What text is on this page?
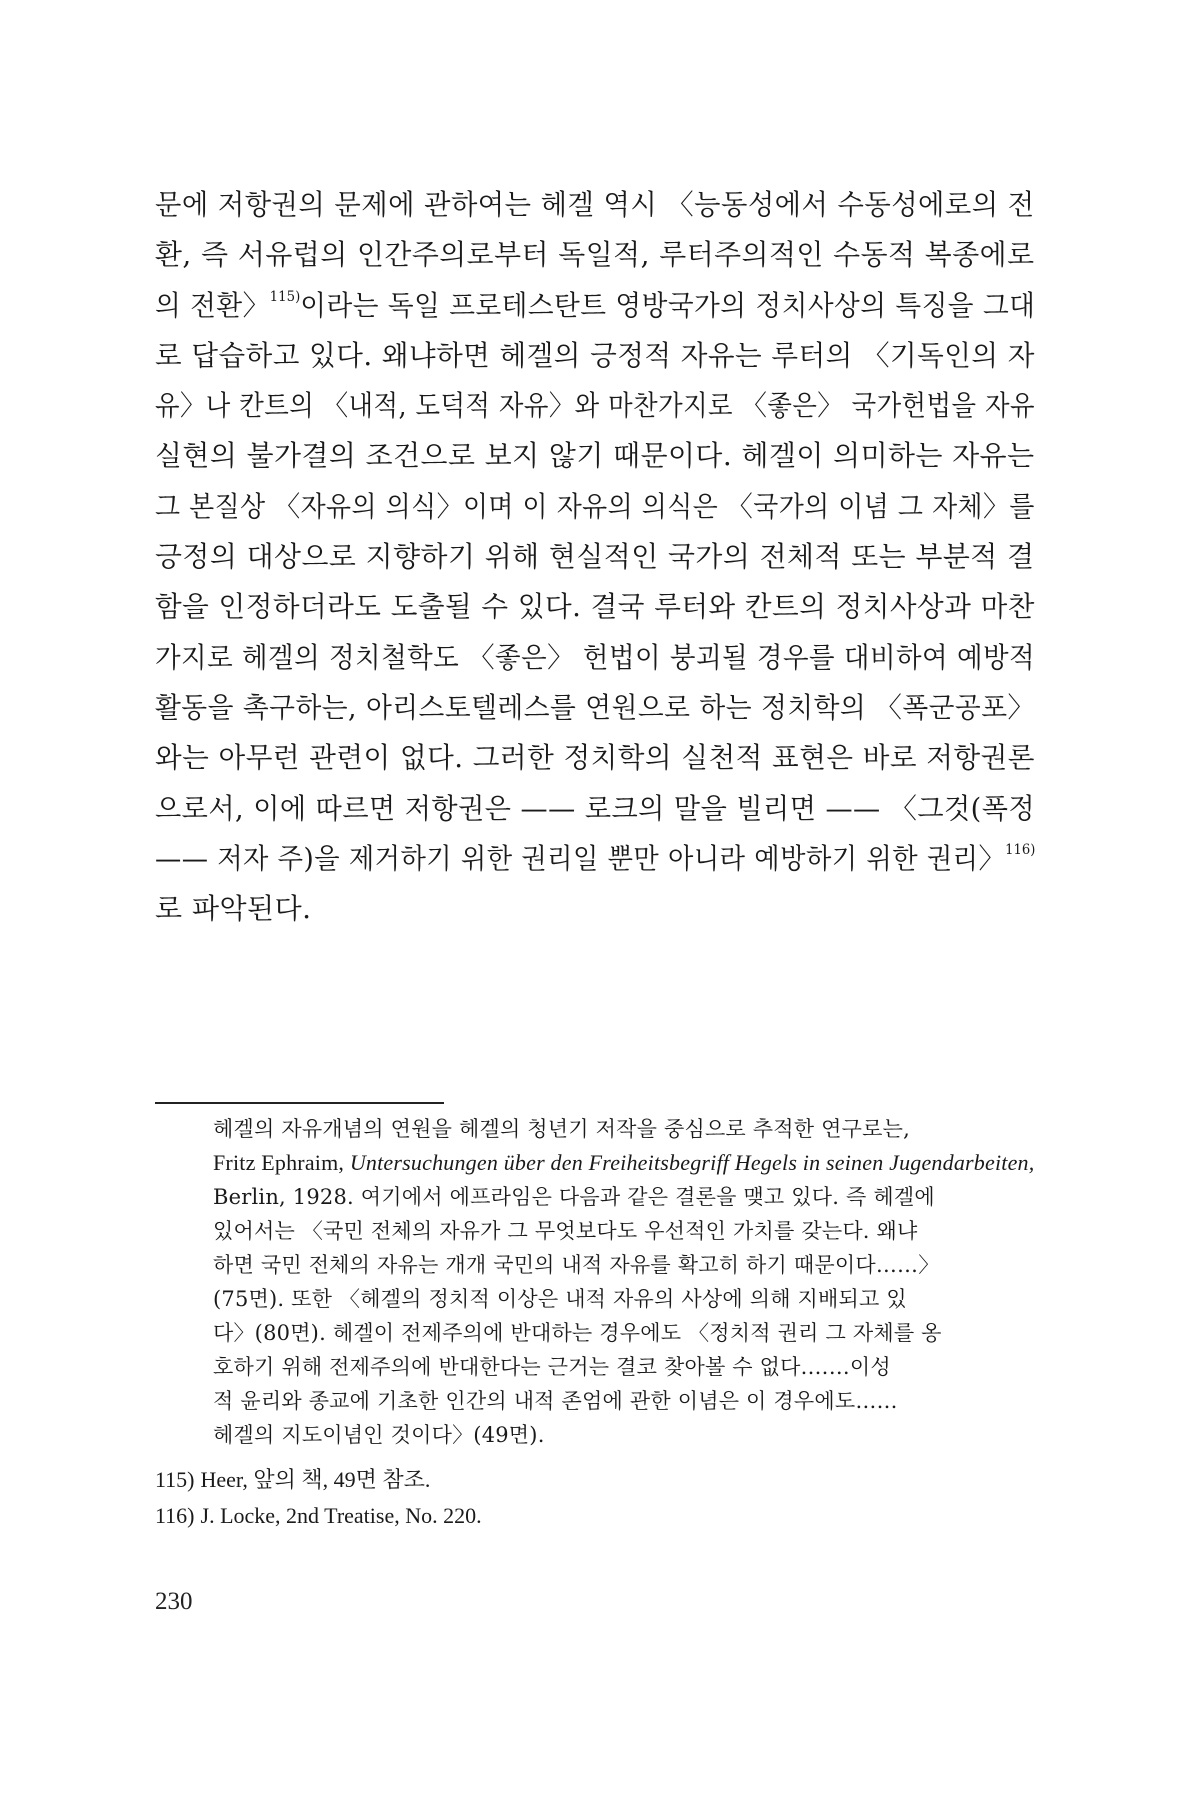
문에 저항권의 문제에 관하여는 헤겔 역시 〈능동성에서 수동성에로의 전
환, 즉 서유럽의 인간주의로부터 독일적, 루터주의적인 수동적 복종에로
의 전환〉$^{115)}$이라는 독일 프로테스탄트 영방국가의 정치사상의 특징을 그대
로 답습하고 있다. 왜냐하면 헤겔의 긍정적 자유는 루터의 〈기독인의 자
유〉나 칸트의 〈내적, 도덕적 자유〉와 마찬가지로 〈좋은〉 국가헌법을 자유
실현의 불가결의 조건으로 보지 않기 때문이다. 헤겔이 의미하는 자유는
그 본질상 〈자유의 의식〉이며 이 자유의 의식은 〈국가의 이념 그 자체〉를
긍정의 대상으로 지향하기 위해 현실적인 국가의 전체적 또는 부분적 결
함을 인정하더라도 도출될 수 있다. 결국 루터와 칸트의 정치사상과 마찬
가지로 헤겔의 정치철학도 〈좋은〉 헌법이 붕괴될 경우를 대비하여 예방적
활동을 촉구하는, 아리스토텔레스를 연원으로 하는 정치학의 〈폭군공포〉
와는 아무런 관련이 없다. 그러한 정치학의 실천적 표현은 바로 저항권론
으로서, 이에 따르면 저항권은 —— 로크의 말을 빌리면 —— 〈그것(폭정
—— 저자 주)을 제거하기 위한 권리일 뿐만 아니라 예방하기 위한 권리〉$^{116)}$
로 파악된다.
헤겔의 자유개념의 연원을 헤겔의 청년기 저작을 중심으로 추적한 연구로는,
Fritz Ephraim, Untersuchungen über den Freiheitsbegriff Hegels in seinen Jugendarbeiten,
Berlin, 1928. 여기에서 에프라임은 다음과 같은 결론을 맺고 있다. 즉 헤겔에
있어서는 〈국민 전체의 자유가 그 무엇보다도 우선적인 가치를 갖는다. 왜냐
하면 국민 전체의 자유는 개개 국민의 내적 자유를 확고히 하기 때문이다……〉
(75면). 또한 〈헤겔의 정치적 이상은 내적 자유의 사상에 의해 지배되고 있
다〉(80면). 헤겔이 전제주의에 반대하는 경우에도 〈정치적 권리 그 자체를 옹
호하기 위해 전제주의에 반대한다는 근거는 결코 찾아볼 수 없다.……이성
적 윤리와 종교에 기초한 인간의 내적 존엄에 관한 이념은 이 경우에도……
헤겔의 지도이념인 것이다〉(49면).
115) Heer, 앞의 책, 49면 참조.
116) J. Locke, 2nd Treatise, No. 220.
230
